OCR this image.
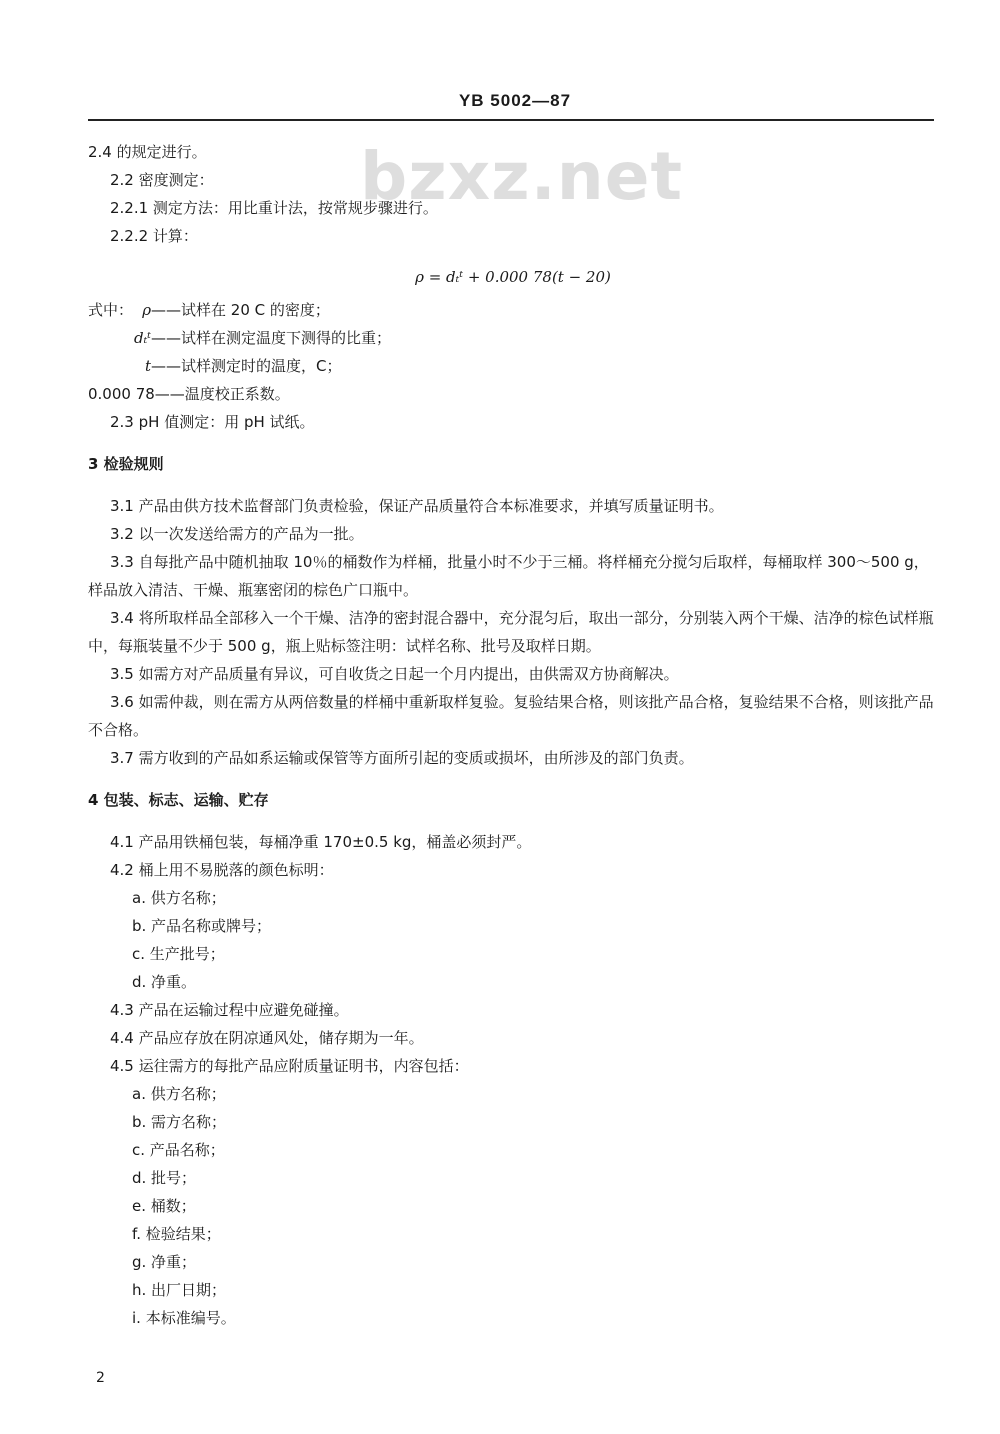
YB 5002—87
bzxz.net
2.4 的规定进行。
2.2 密度测定：
2.2.1 测定方法：用比重计法，按常规步骤进行。
2.2.2 计算：
ρ = dₜᵗ + 0.000 78(t − 20)
式中： ρ——试样在 20 C 的密度；
dₜᵗ——试样在测定温度下测得的比重；
t——试样测定时的温度，C；
0.000 78——温度校正系数。
2.3 pH 值测定：用 pH 试纸。
3 检验规则
3.1 产品由供方技术监督部门负责检验，保证产品质量符合本标准要求，并填写质量证明书。
3.2 以一次发送给需方的产品为一批。
3.3 自每批产品中随机抽取 10％的桶数作为样桶，批量小时不少于三桶。将样桶充分搅匀后取样，每桶取样 300～500 g，样品放入清洁、干燥、瓶塞密闭的棕色广口瓶中。
3.4 将所取样品全部移入一个干燥、洁净的密封混合器中，充分混匀后，取出一部分，分别装入两个干燥、洁净的棕色试样瓶中，每瓶装量不少于 500 g，瓶上贴标签注明：试样名称、批号及取样日期。
3.5 如需方对产品质量有异议，可自收货之日起一个月内提出，由供需双方协商解决。
3.6 如需仲裁，则在需方从两倍数量的样桶中重新取样复验。复验结果合格，则该批产品合格，复验结果不合格，则该批产品不合格。
3.7 需方收到的产品如系运输或保管等方面所引起的变质或损坏，由所涉及的部门负责。
4 包装、标志、运输、贮存
4.1 产品用铁桶包装，每桶净重 170±0.5 kg，桶盖必须封严。
4.2 桶上用不易脱落的颜色标明：
a. 供方名称；
b. 产品名称或牌号；
c. 生产批号；
d. 净重。
4.3 产品在运输过程中应避免碰撞。
4.4 产品应存放在阴凉通风处，储存期为一年。
4.5 运往需方的每批产品应附质量证明书，内容包括：
a. 供方名称；
b. 需方名称；
c. 产品名称；
d. 批号；
e. 桶数；
f. 检验结果；
g. 净重；
h. 出厂日期；
i. 本标准编号。
2
